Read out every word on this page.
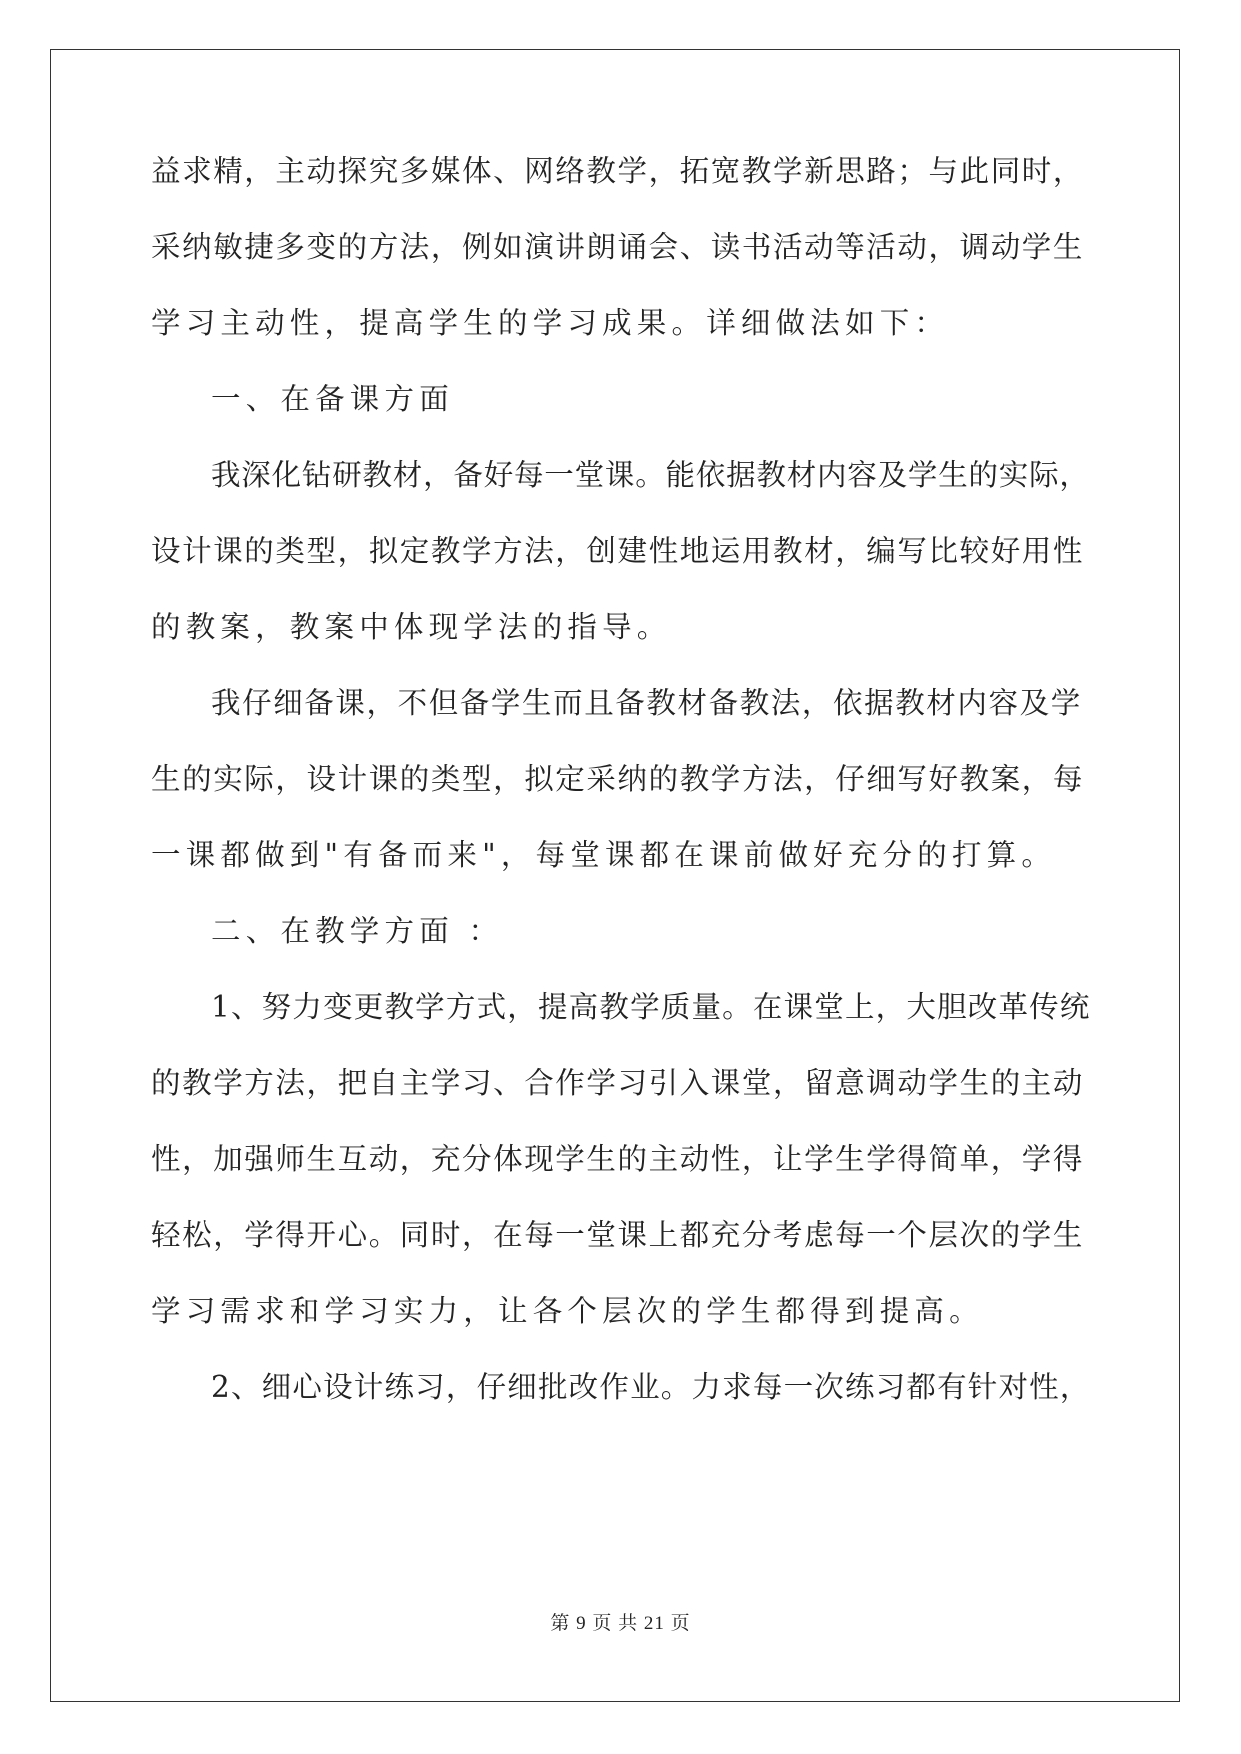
益求精，主动探究多媒体、网络教学，拓宽教学新思路；与此同时，
采纳敏捷多变的方法，例如演讲朗诵会、读书活动等活动，调动学生
学习主动性，提高学生的学习成果。详细做法如下：
一、在备课方面
我深化钻研教材，备好每一堂课。能依据教材内容及学生的实际，
设计课的类型，拟定教学方法，创建性地运用教材，编写比较好用性
的教案，教案中体现学法的指导。
我仔细备课，不但备学生而且备教材备教法，依据教材内容及学
生的实际，设计课的类型，拟定采纳的教学方法，仔细写好教案，每
一课都做到"有备而来"，每堂课都在课前做好充分的打算。
二、在教学方面 ：
1、努力变更教学方式，提高教学质量。在课堂上，大胆改革传统
的教学方法，把自主学习、合作学习引入课堂，留意调动学生的主动
性，加强师生互动，充分体现学生的主动性，让学生学得简单，学得
轻松，学得开心。同时，在每一堂课上都充分考虑每一个层次的学生
学习需求和学习实力，让各个层次的学生都得到提高。
2、细心设计练习，仔细批改作业。力求每一次练习都有针对性，
第 9 页 共 21 页
